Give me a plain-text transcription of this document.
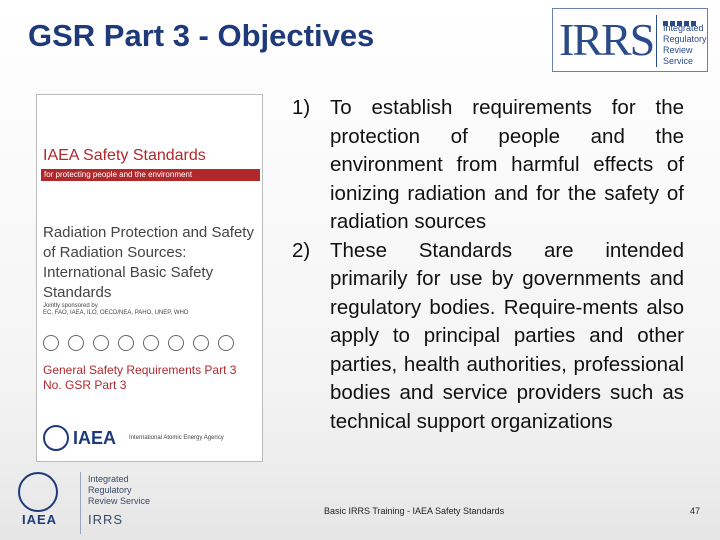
GSR Part 3 - Objectives	IRRS Integrated
Regulatory
Review
Service
IAEA Safety Standards
for protecting people and the environment
Radiation Protection and Safety of Radiation Sources: International Basic Safety Standards
Jointly sponsored by
EC, FAO, IAEA, ILO, OECD/NEA, PAHO, UNEP, WHO
General Safety Requirements Part 3
No. GSR Part 3
IAEA International Atomic Energy Agency
1) To establish requirements for the protection of people and the environment from harmful effects of ionizing radiation and for the safety of radiation sources
2) These Standards are intended primarily for use by governments and regulatory bodies. Require-ments also apply to principal parties and other parties, health authorities, professional bodies and service providers such as technical support organizations
IAEA
Integrated
Regulatory
Review Service
IRRS
Basic IRRS Training - IAEA Safety Standards	47
